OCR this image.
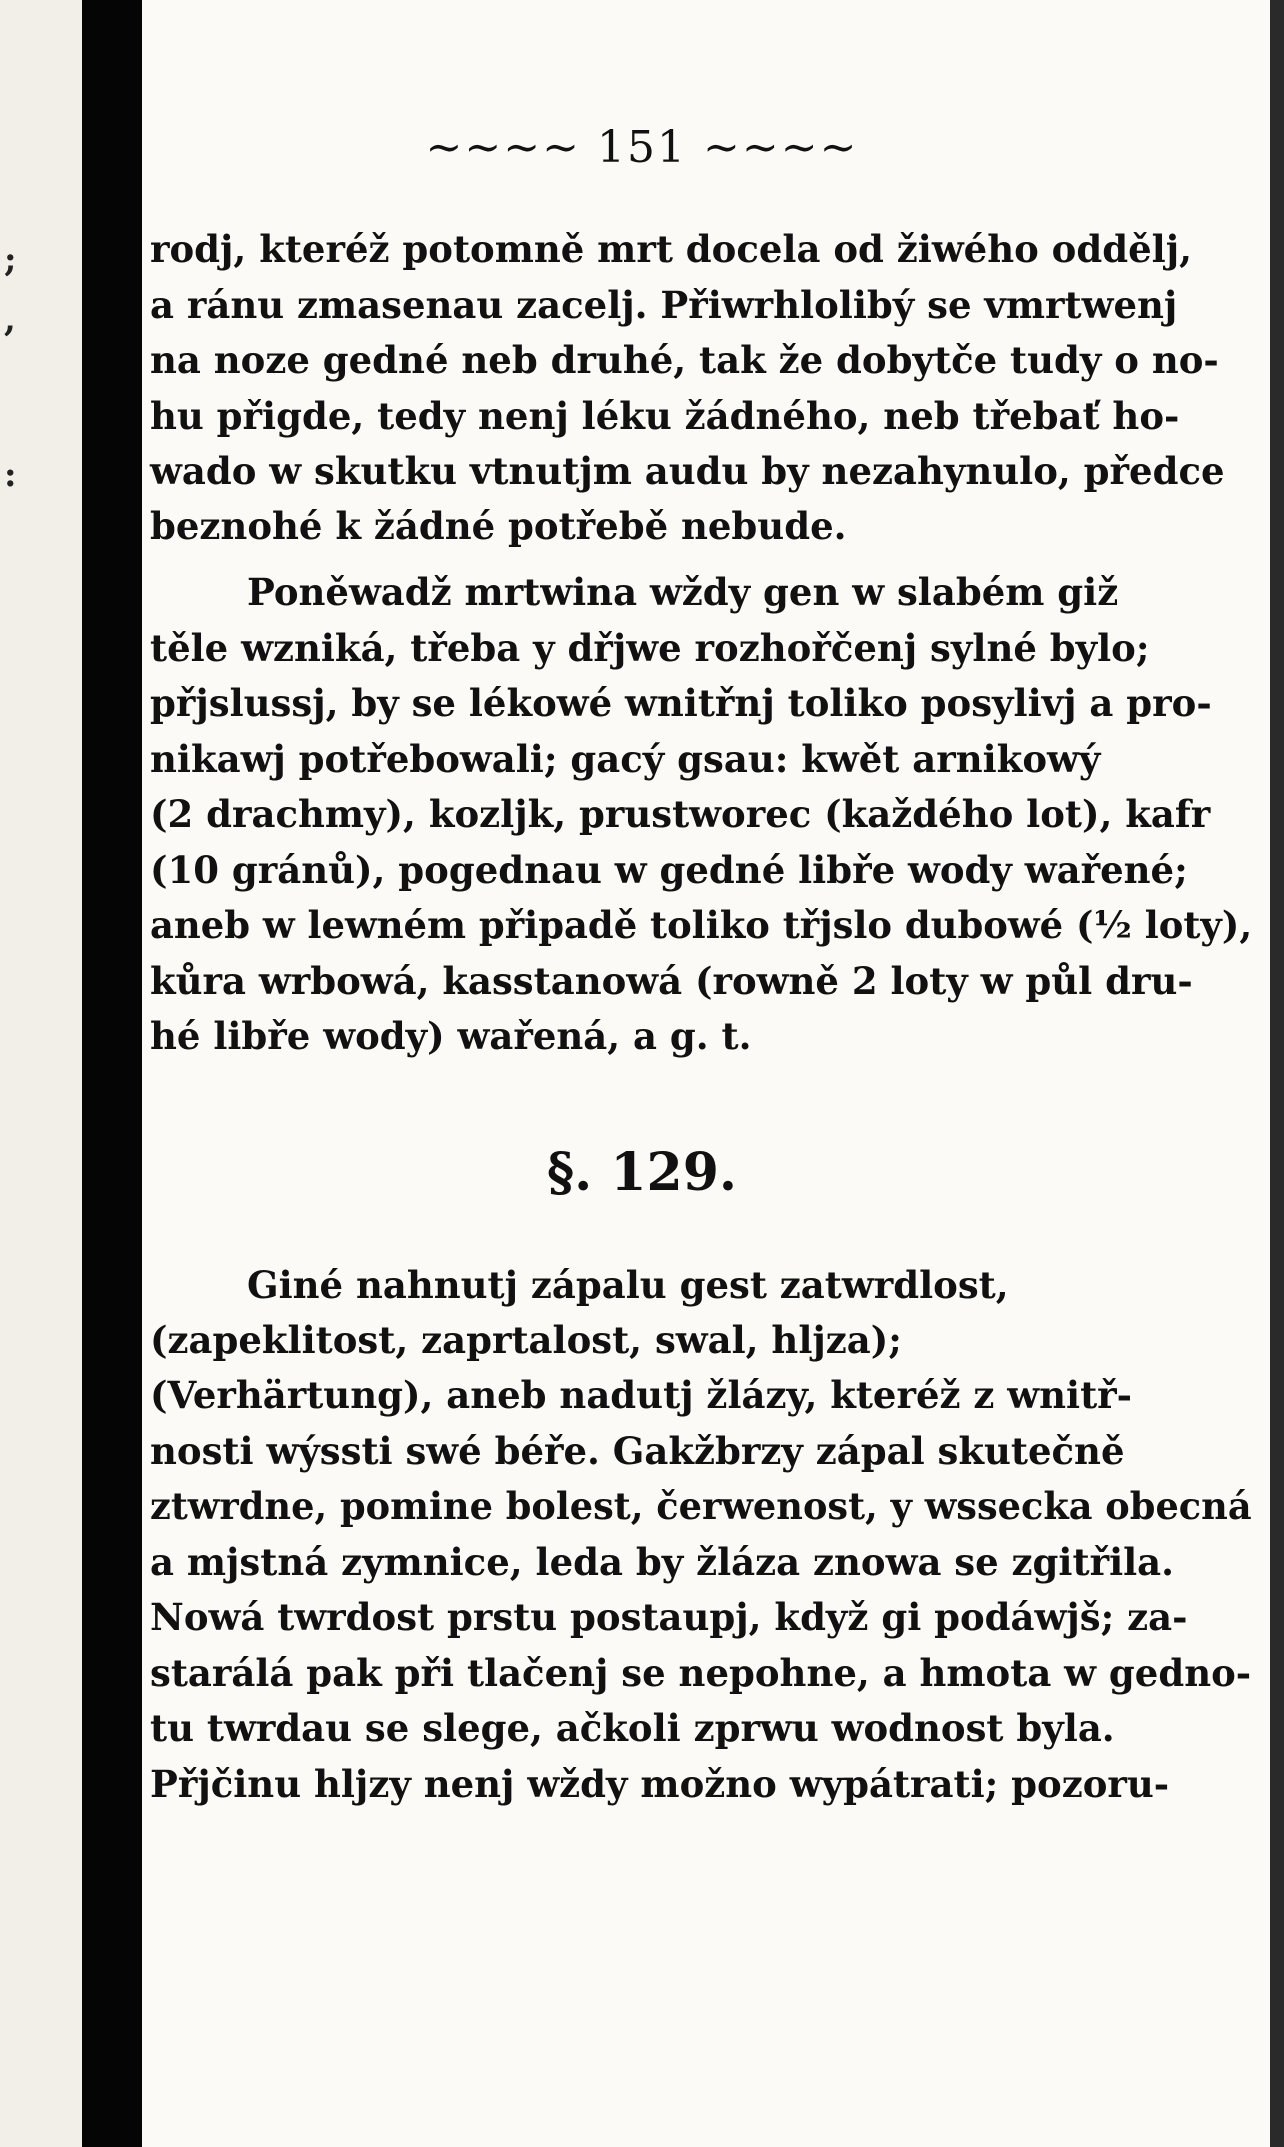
;
,
:
~~~~ 151 ~~~~
rodj, kteréž potomně mrt docela od žiwého oddělj,
a ránu zmasenau zacelj. Přiwrhlolibý se vmrtwenj
na noze gedné neb druhé, tak že dobytče tudy o no-
hu přigde, tedy nenj léku žádného, neb třebať ho-
wado w skutku vtnutjm audu by nezahynulo, předce
beznohé k žádné potřebě nebude.
Poněwadž mrtwina wždy gen w slabém giž
těle wzniká, třeba y dřjwe rozhořčenj sylné bylo;
přjslussj, by se lékowé wnitřnj toliko posylivj a pro-
nikawj potřebowali; gacý gsau: kwět arnikowý
(2 drachmy), kozljk, prustworec (každého lot), kafr
(10 gránů), pogednau w gedné libře wody wařené;
aneb w lewném připadě toliko třjslo dubowé (½ loty),
kůra wrbowá, kasstanowá (rowně 2 loty w půl dru-
hé libře wody) wařená, a g. t.
§. 129.
Giné nahnutj zápalu gest zatwrdlost,
(zapeklitost, zaprtalost, swal, hljza);
(Verhärtung), aneb nadutj žlázy, kteréž z wnitř-
nosti wýssti swé béře. Gakžbrzy zápal skutečně
ztwrdne, pomine bolest, čerwenost, y wssecka obecná
a mjstná zymnice, leda by žláza znowa se zgitřila.
Nowá twrdost prstu postaupj, když gi podáwjš; za-
starálá pak při tlačenj se nepohne, a hmota w gedno-
tu twrdau se slege, ačkoli zprwu wodnost byla.
Přjčinu hljzy nenj wždy možno wypátrati; pozoru-
